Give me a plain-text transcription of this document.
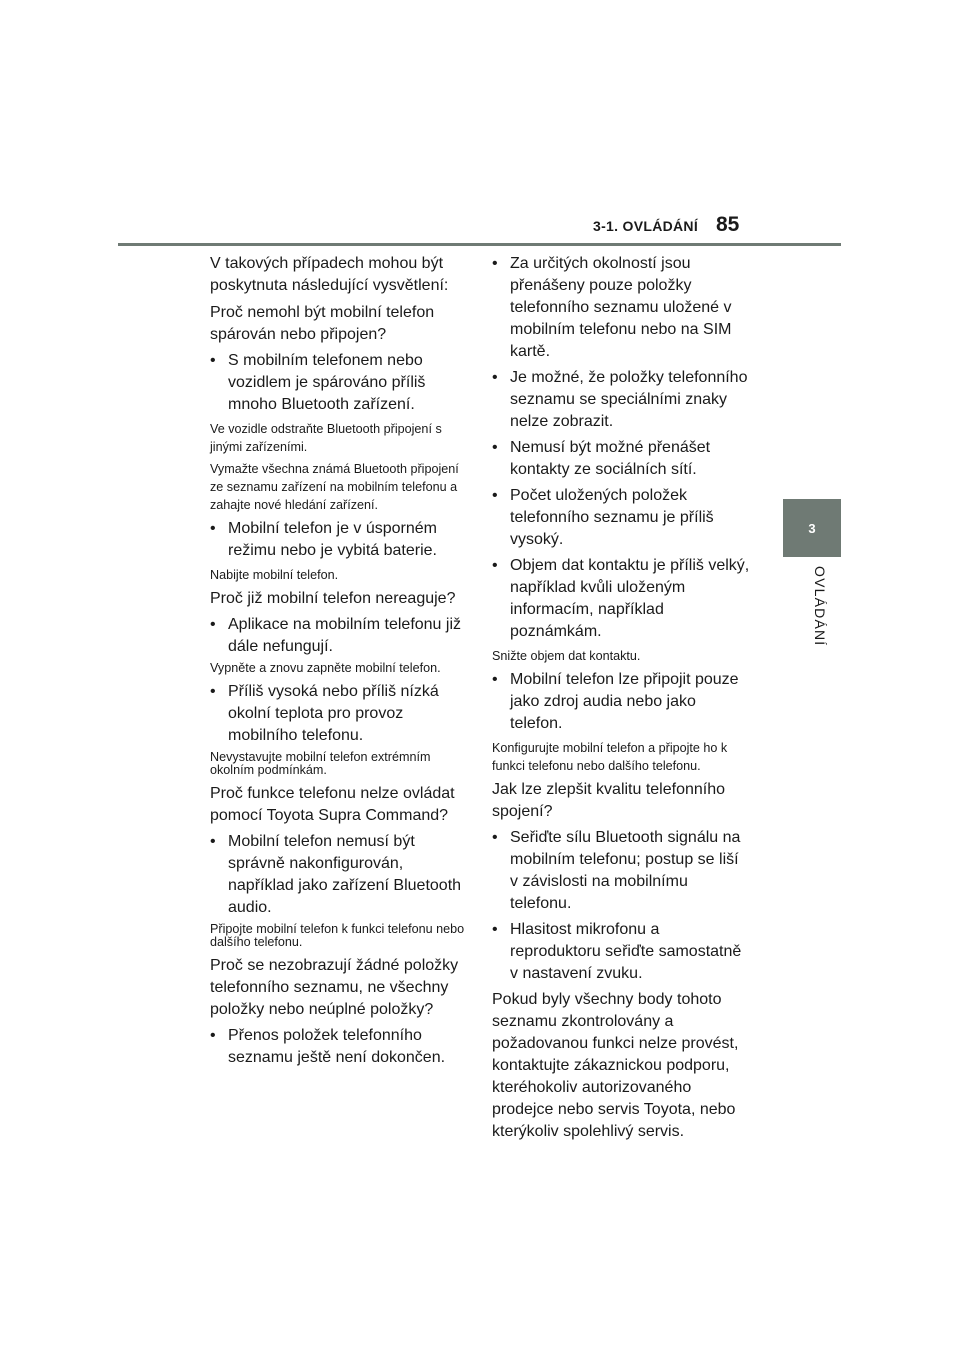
3-1. OVLÁDÁNÍ 85
3
OVLÁDÁNÍ

V takových případech mohou být poskytnuta následující vysvětlení:

Proč nemohl být mobilní telefon spárován nebo připojen?

• S mobilním telefonem nebo vozidlem je spárováno příliš mnoho Bluetooth zařízení.

Ve vozidle odstraňte Bluetooth připojení s jinými zařízeními.

Vymažte všechna známá Bluetooth připojení ze seznamu zařízení na mobilním telefonu a zahajte nové hledání zařízení.

• Mobilní telefon je v úsporném režimu nebo je vybitá baterie.

Nabijte mobilní telefon.

Proč již mobilní telefon nereaguje?

• Aplikace na mobilním telefonu již dále nefungují.

Vypněte a znovu zapněte mobilní telefon.

• Příliš vysoká nebo příliš nízká okolní teplota pro provoz mobilního telefonu.

Nevystavujte mobilní telefon extrémním okolním podmínkám.

Proč funkce telefonu nelze ovládat pomocí Toyota Supra Command?

• Mobilní telefon nemusí být správně nakonfigurován, například jako zařízení Bluetooth audio.

Připojte mobilní telefon k funkci telefonu nebo dalšího telefonu.

Proč se nezobrazují žádné položky telefonního seznamu, ne všechny položky nebo neúplné položky?

• Přenos položek telefonního seznamu ještě není dokončen.
• Za určitých okolností jsou přenášeny pouze položky telefonního seznamu uložené v mobilním telefonu nebo na SIM kartě.
• Je možné, že položky telefonního seznamu se speciálními znaky nelze zobrazit.
• Nemusí být možné přenášet kontakty ze sociálních sítí.
• Počet uložených položek telefonního seznamu je příliš vysoký.
• Objem dat kontaktu je příliš velký, například kvůli uloženým informacím, například poznámkám.

Snižte objem dat kontaktu.

• Mobilní telefon lze připojit pouze jako zdroj audia nebo jako telefon.

Konfigurujte mobilní telefon a připojte ho k funkci telefonu nebo dalšího telefonu.

Jak lze zlepšit kvalitu telefonního spojení?

• Seřiďte sílu Bluetooth signálu na mobilním telefonu; postup se liší v závislosti na mobilnímu telefonu.
• Hlasitost mikrofonu a reproduktoru seřiďte samostatně v nastavení zvuku.

Pokud byly všechny body tohoto seznamu zkontrolovány a požadovanou funkci nelze provést, kontaktujte zákaznickou podporu, kteréhokoliv autorizovaného prodejce nebo servis Toyota, nebo kterýkoliv spolehlivý servis.
